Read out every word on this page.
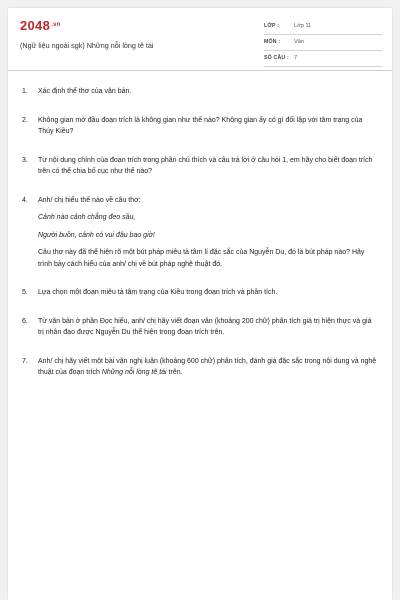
$2048^{.vn}$
(Ngữ liệu ngoài sgk) Những nỗi lòng tê tái
LỚP :	Lớp 11
MÔN : Văn
SỐ CÂU : 7
1. Xác định thể thơ của văn bản.

2. Không gian mở đầu đoạn trích là không gian như thế nào? Không gian ấy có gì đối lập với tâm trạng của Thúy Kiều?

3. Từ nội dung chính của đoạn trích trong phần chú thích và câu trả lời ở câu hỏi 1, em hãy cho biết đoạn trích trên có thể chia bố cục như thế nào?

4. Anh/ chị hiểu thế nào về câu thơ:

Cảnh nào cảnh chẳng đeo sầu,

Người buồn, cảnh có vui đâu bao giờ!

Câu thơ này đã thể hiện rõ một bút pháp miêu tả tâm lí đặc sắc của Nguyễn Du, đó là bút pháp nào? Hãy trình bày cách hiểu của anh/ chị về bút pháp nghệ thuật đó.

5. Lựa chọn một đoạn miêu tả tâm trạng của Kiều trong đoạn trích và phân tích.

6. Từ văn bản ở phần Đọc hiểu, anh/ chị hãy viết đoạn văn (khoảng 200 chữ) phân tích giá trị hiện thực và giá trị nhân đạo được Nguyễn Du thể hiện trong đoạn trích trên.

7. Anh/ chị hãy viết một bài văn nghị luận (khoảng 600 chữ) phân tích, đánh giá đặc sắc trong nội dung và nghệ thuật của đoạn trích Những nỗi lòng tê tái trên.
